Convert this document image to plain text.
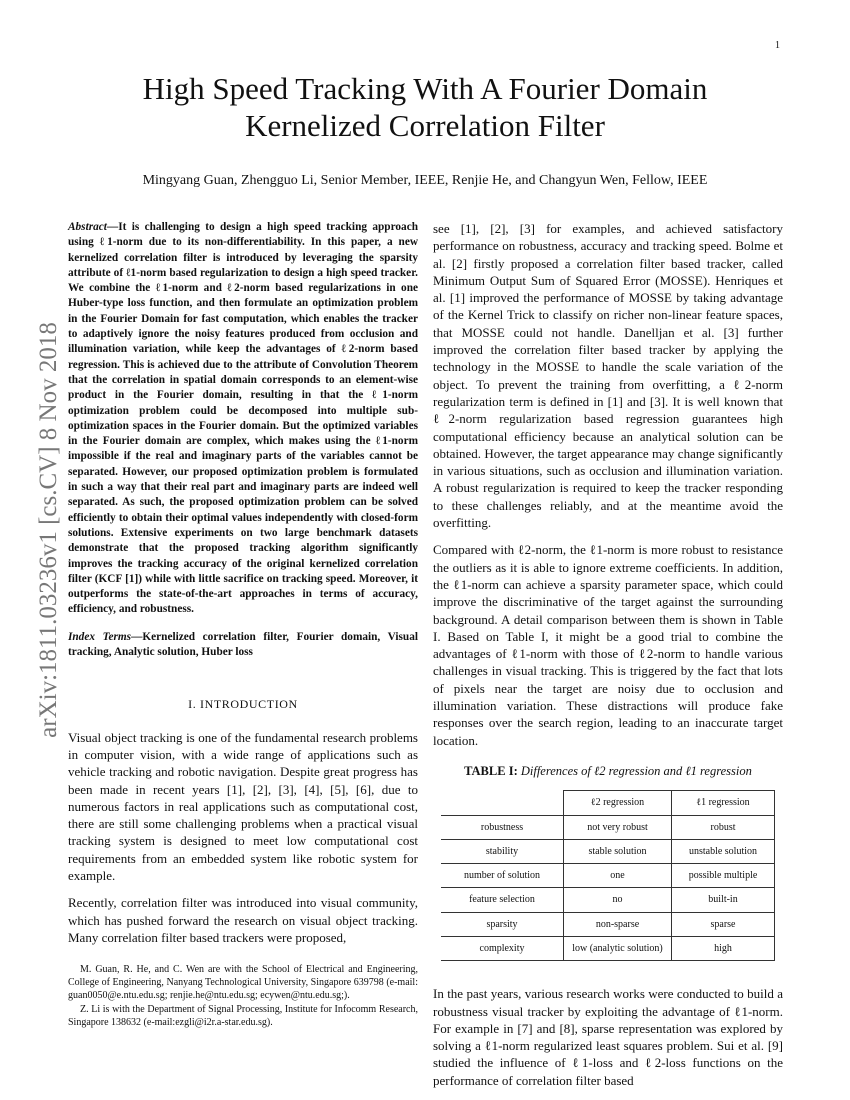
1
arXiv:1811.03236v1 [cs.CV] 8 Nov 2018
High Speed Tracking With A Fourier Domain Kernelized Correlation Filter
Mingyang Guan, Zhengguo Li, Senior Member, IEEE, Renjie He, and Changyun Wen, Fellow, IEEE

Abstract—It is challenging to design a high speed tracking approach using ℓ1-norm due to its non-differentiability. In this paper, a new kernelized correlation filter is introduced by leveraging the sparsity attribute of ℓ1-norm based regularization to design a high speed tracker. We combine the ℓ1-norm and ℓ2-norm based regularizations in one Huber-type loss function, and then formulate an optimization problem in the Fourier Domain for fast computation, which enables the tracker to adaptively ignore the noisy features produced from occlusion and illumination variation, while keep the advantages of ℓ2-norm based regression. This is achieved due to the attribute of Convolution Theorem that the correlation in spatial domain corresponds to an element-wise product in the Fourier domain, resulting in that the ℓ1-norm optimization problem could be decomposed into multiple sub-optimization spaces in the Fourier domain. But the optimized variables in the Fourier domain are complex, which makes using the ℓ1-norm impossible if the real and imaginary parts of the variables cannot be separated. However, our proposed optimization problem is formulated in such a way that their real part and imaginary parts are indeed well separated. As such, the proposed optimization problem can be solved efficiently to obtain their optimal values independently with closed-form solutions. Extensive experiments on two large benchmark datasets demonstrate that the proposed tracking algorithm significantly improves the tracking accuracy of the original kernelized correlation filter (KCF [1]) while with little sacrifice on tracking speed. Moreover, it outperforms the state-of-the-art approaches in terms of accuracy, efficiency, and robustness.

Index Terms—Kernelized correlation filter, Fourier domain, Visual tracking, Analytic solution, Huber loss

I. INTRODUCTION

Visual object tracking is one of the fundamental research problems in computer vision, with a wide range of applications such as vehicle tracking and robotic navigation. Despite great progress has been made in recent years [1], [2], [3], [4], [5], [6], due to numerous factors in real applications such as computational cost, there are still some challenging problems when a practical visual tracking system is designed to meet low computational cost requirements from an embedded system like robotic system for example.

Recently, correlation filter was introduced into visual community, which has pushed forward the research on visual object tracking. Many correlation filter based trackers were proposed,

M. Guan, R. He, and C. Wen are with the School of Electrical and Engineering, College of Engineering, Nanyang Technological University, Singapore 639798 (e-mail: guan0050@e.ntu.edu.sg; renjie.he@ntu.edu.sg; ecywen@ntu.edu.sg;).

Z. Li is with the Department of Signal Processing, Institute for Infocomm Research, Singapore 138632 (e-mail:ezgli@i2r.a-star.edu.sg).

see [1], [2], [3] for examples, and achieved satisfactory performance on robustness, accuracy and tracking speed. Bolme et al. [2] firstly proposed a correlation filter based tracker, called Minimum Output Sum of Squared Error (MOSSE). Henriques et al. [1] improved the performance of MOSSE by taking advantage of the Kernel Trick to classify on richer non-linear feature spaces, that MOSSE could not handle. Danelljan et al. [3] further improved the correlation filter based tracker by applying the technology in the MOSSE to handle the scale variation of the object. To prevent the training from overfitting, a ℓ2-norm regularization term is defined in [1] and [3]. It is well known that ℓ2-norm regularization based regression guarantees high computational efficiency because an analytical solution can be obtained. However, the target appearance may change significantly in various situations, such as occlusion and illumination variation. A robust regularization is required to keep the tracker responding to these challenges reliably, and at the meantime avoid the overfitting.

Compared with ℓ2-norm, the ℓ1-norm is more robust to resistance the outliers as it is able to ignore extreme coefficients. In addition, the ℓ1-norm can achieve a sparsity parameter space, which could improve the discriminative of the target against the surrounding background. A detail comparison between them is shown in Table I. Based on Table I, it might be a good trial to combine the advantages of ℓ1-norm with those of ℓ2-norm to handle various challenges in visual tracking. This is triggered by the fact that lots of pixels near the target are noisy due to occlusion and illumination variation. These distractions will produce fake responses over the search region, leading to an inaccurate target location.

TABLE I: Differences of ℓ2 regression and ℓ1 regression
	ℓ2 regression	ℓ1 regression
robustness	not very robust	robust
stability	stable solution	unstable solution
number of solution	one	possible multiple
feature selection	no	built-in
sparsity	non-sparse	sparse
complexity	low (analytic solution)	high

In the past years, various research works were conducted to build a robustness visual tracker by exploiting the advantage of ℓ1-norm. For example in [7] and [8], sparse representation was explored by solving a ℓ1-norm regularized least squares problem. Sui et al. [9] studied the influence of ℓ1-loss and ℓ2-loss functions on the performance of correlation filter based
